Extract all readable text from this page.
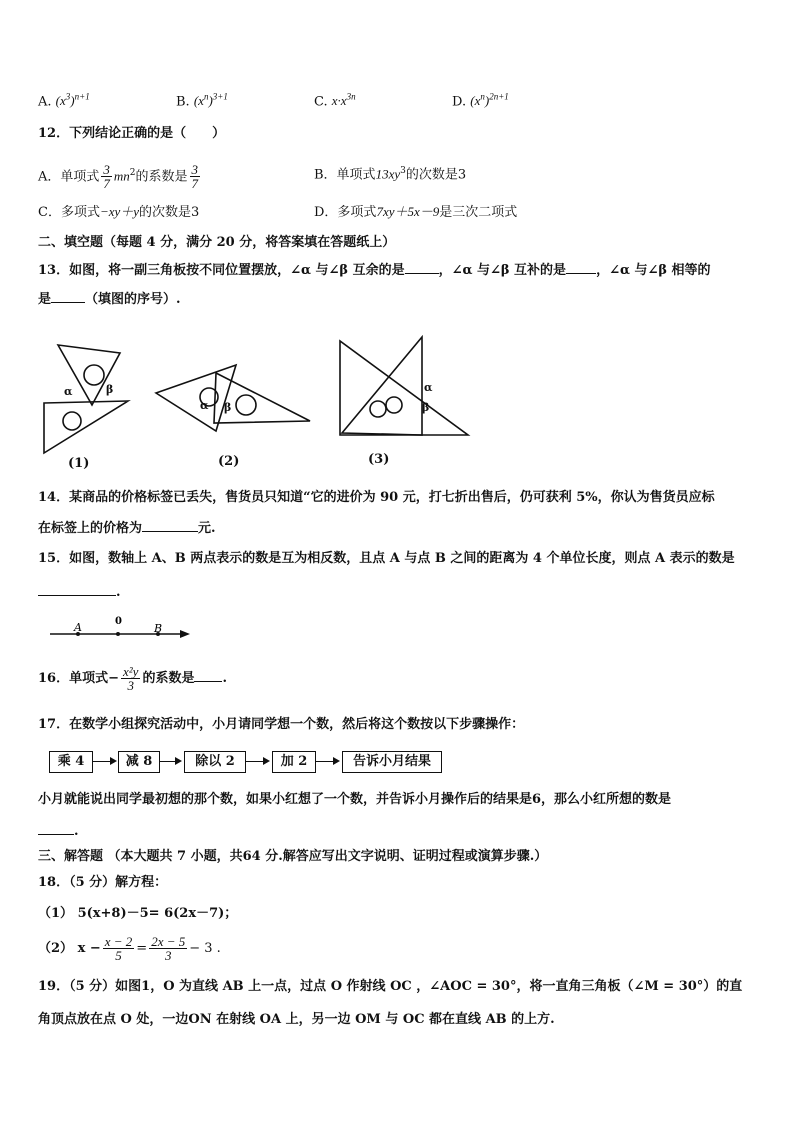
A. $(x^3)^{n+1}$	B. $(x^n)^{3+1}$	C. $x\cdot x^{3n}$	D. $(x^n)^{2n+1}$
12．下列结论正确的是（　　）
A．单项式 $\frac{3}{7} mn^2$的系数是 $\frac{3}{7}$	B．单项式$13xy^3$的次数是3
C．多项式−xy＋y的次数是3	D．多项式7xy＋5x－9是三次二项式
二、填空题（每题 4 分，满分 20 分，将答案填在答题纸上）
13．如图，将一副三角板按不同位置摆放，∠α 与∠β 互余的是	，∠α 与∠β 互补的是 ，∠α 与∠β 相等的
是	（填图的序号）.
α	β
α β
α
β
(1)	(2)	(3)
14．某商品的价格标签已丢失，售货员只知道“它的进价为 90 元，打七折出售后，仍可获利 5%，你认为售货员应标
在标签上的价格为	元.
15．如图，数轴上 A、B 两点表示的数是互为相反数，且点 A 与点 B 之间的距离为 4 个单位长度，则点 A 表示的数是
.
A	0
B
16．单项式− $\frac{\text{x²y}}{3}$ 的系数是 .
17．在数学小组探究活动中，小月请同学想一个数，然后将这个数按以下步骤操作：
乘 4	减 8	除以 2	加 2	告诉小月结果
小月就能说出同学最初想的那个数，如果小红想了一个数，并告诉小月操作后的结果是6，那么小红所想的数是
.
三、解答题 （本大题共 7 小题，共64 分.解答应写出文字说明、证明过程或演算步骤.）
18．（5 分）解方程：
（1） 5(x+8)－5= 6(2x－7)；
（2） $x - \frac{x - 2}{5} = \frac{2x - 5}{3} - 3$ .
19．（5 分）如图1，O 为直线 AB 上一点，过点 O 作射线 OC ，∠AOC = 30°，将一直角三角板（∠M = 30°）的直
角顶点放在点 O 处，一边ON 在射线 OA 上，另一边 OM 与 OC 都在直线 AB 的上方.
